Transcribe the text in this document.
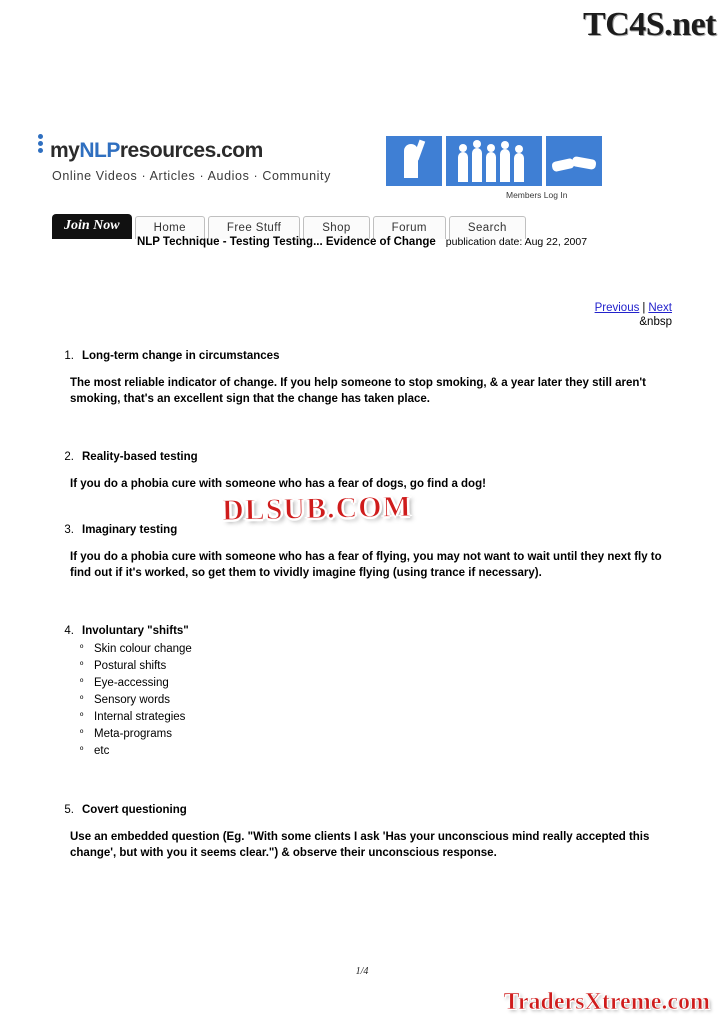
TC4S.net
myNLPresources.com
Online Videos · Articles · Audios · Community
Members Log In
Join Now	Home	Free Stuff	Shop	Forum	Search
NLP Technique - Testing Testing... Evidence of Change publication date: Aug 22, 2007
Previous | Next
&nbsp
1. Long-term change in circumstances
The most reliable indicator of change. If you help someone to stop smoking, & a year later they still aren't smoking, that's an excellent sign that the change has taken place.
2. Reality-based testing
If you do a phobia cure with someone who has a fear of dogs, go find a dog!
3. Imaginary testing
If you do a phobia cure with someone who has a fear of flying, you may not want to wait until they next fly to find out if it's worked, so get them to vividly imagine flying (using trance if necessary).
4. Involuntary "shifts"
º Skin colour change
º Postural shifts
º Eye-accessing
º Sensory words
º Internal strategies
º Meta-programs
º etc
5. Covert questioning
Use an embedded question (Eg. "With some clients I ask 'Has your unconscious mind really accepted this change', but with you it seems clear.") & observe their unconscious response.
DLSUB.COM
1/4
TradersXtreme.com
